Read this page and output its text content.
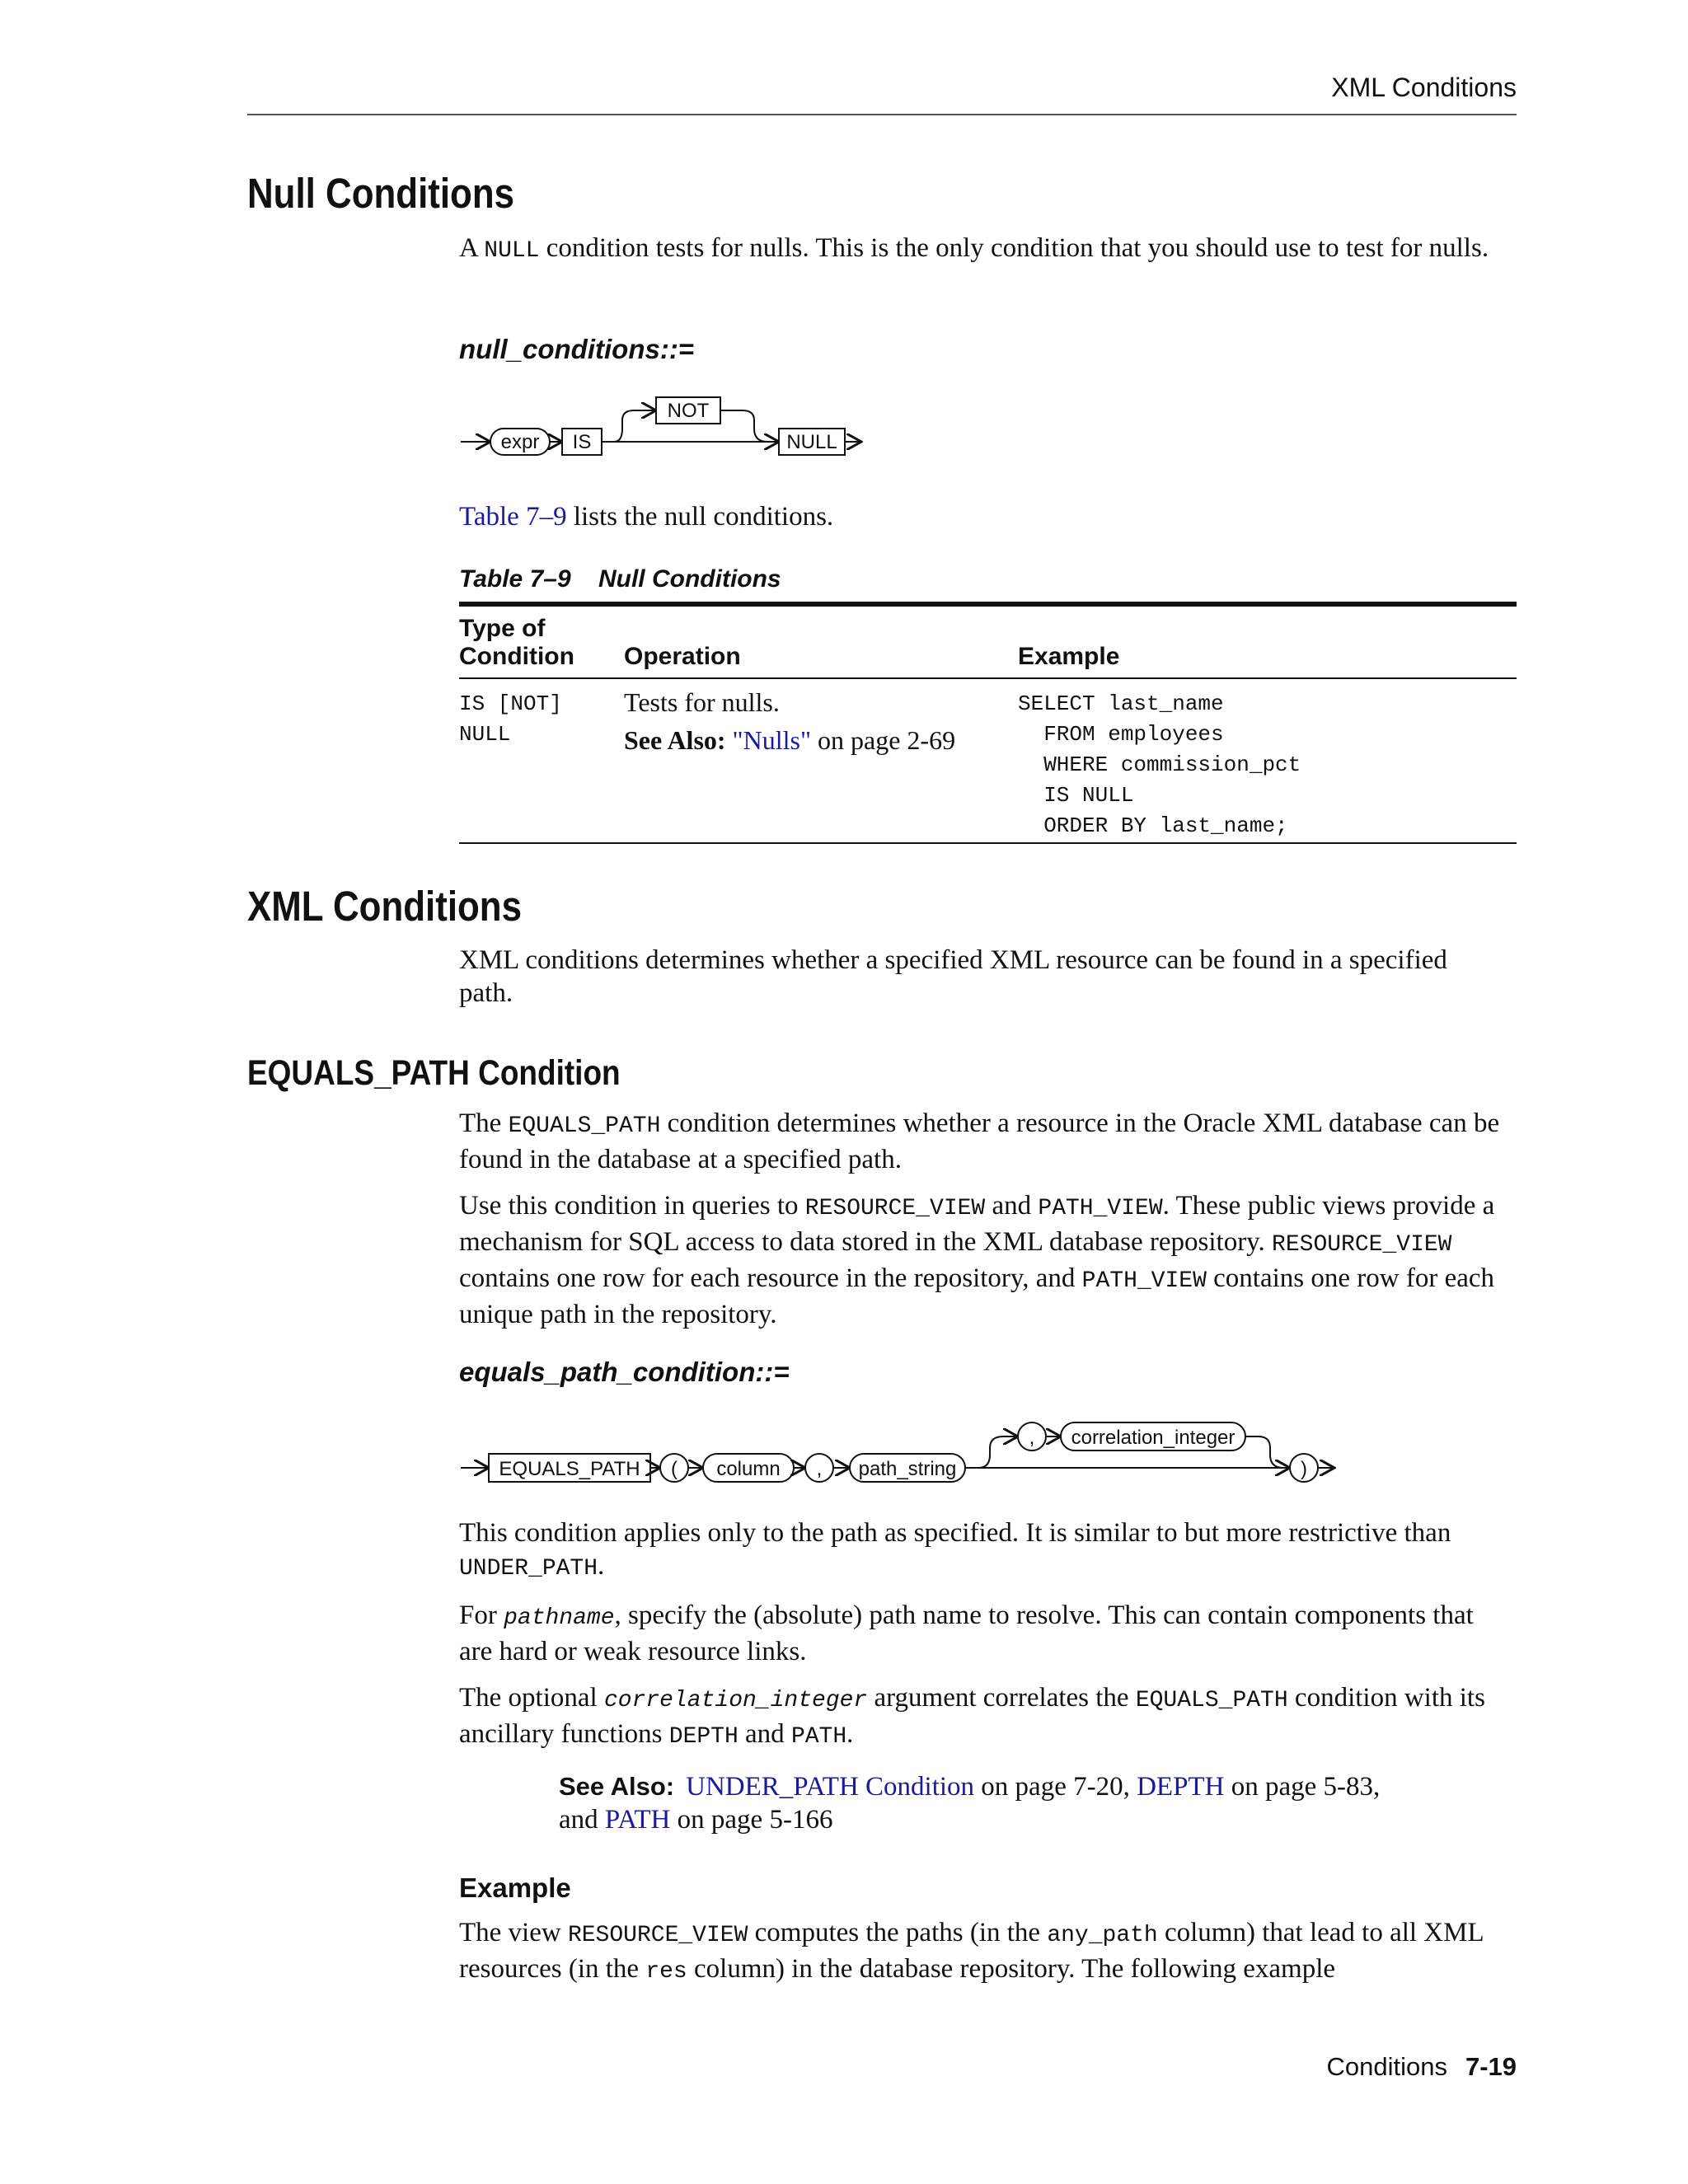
XML Conditions
Null Conditions
A NULL condition tests for nulls. This is the only condition that you should use to test for nulls.
null_conditions::=
expr IS
NOT
NULL
Table 7–9 lists the null conditions.
Table 7–9 Null Conditions
Type of Condition	Operation	Example
IS [NOT]
NULL
Tests for nulls.
See Also: "Nulls" on page 2-69
SELECT last_name
FROM employees
WHERE commission_pct
IS NULL
ORDER BY last_name;
XML Conditions
XML conditions determines whether a specified XML resource can be found in a specified path.
EQUALS_PATH Condition
The EQUALS_PATH condition determines whether a resource in the Oracle XML database can be found in the database at a specified path.
Use this condition in queries to RESOURCE_VIEW and PATH_VIEW. These public views provide a mechanism for SQL access to data stored in the XML database repository. RESOURCE_VIEW contains one row for each resource in the repository, and PATH_VIEW contains one row for each unique path in the repository.
equals_path_condition::=
EQUALS_PATH ( column , path_string
, correlation_integer
)
This condition applies only to the path as specified. It is similar to but more restrictive than UNDER_PATH.
For pathname, specify the (absolute) path name to resolve. This can contain components that are hard or weak resource links.
The optional correlation_integer argument correlates the EQUALS_PATH condition with its ancillary functions DEPTH and PATH.
See Also: UNDER_PATH Condition on page 7-20, DEPTH on page 5-83, and PATH on page 5-166
Example
The view RESOURCE_VIEW computes the paths (in the any_path column) that lead to all XML resources (in the res column) in the database repository. The following example
Conditions 7-19
